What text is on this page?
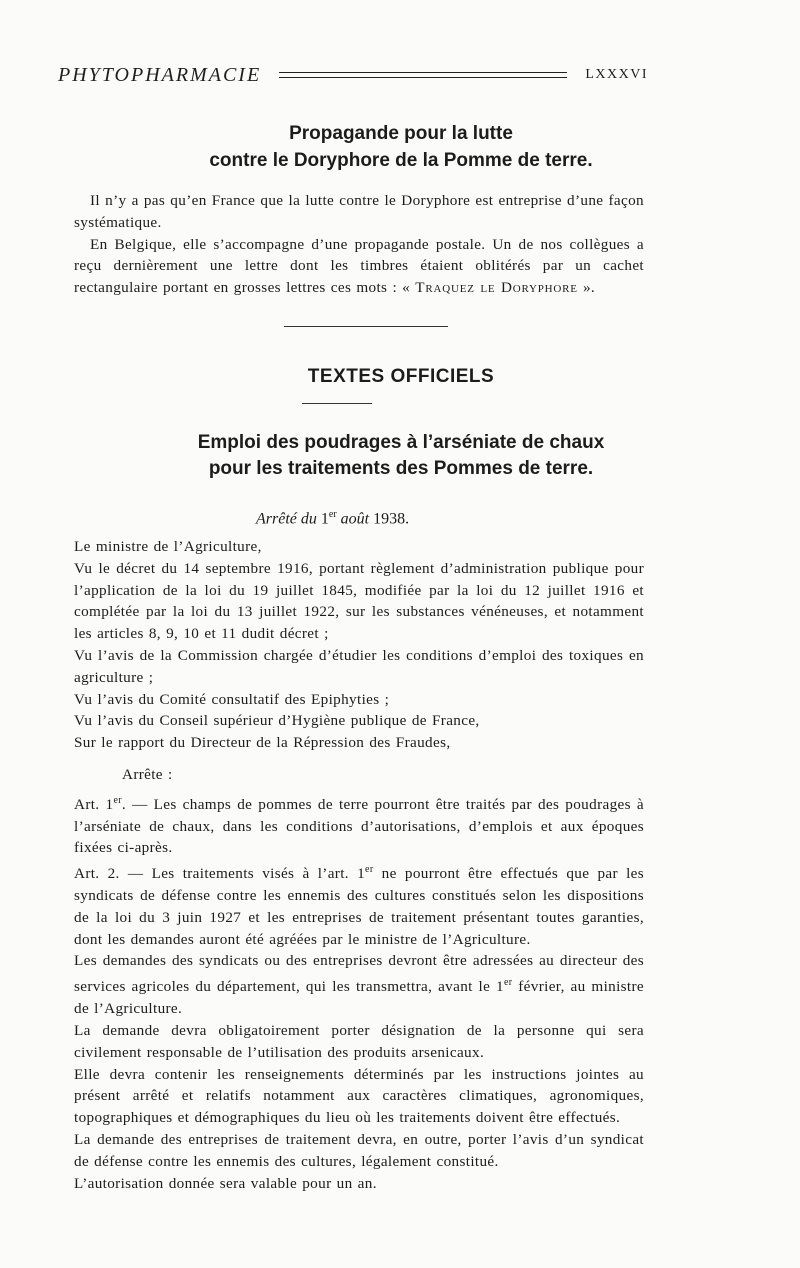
PHYTOPHARMACIE	LXXXVI
Propagande pour la lutte
contre le Doryphore de la Pomme de terre.

Il n’y a pas qu’en France que la lutte contre le Doryphore est entreprise d’une façon systématique.

En Belgique, elle s’accompagne d’une propagande postale. Un de nos collègues a reçu dernièrement une lettre dont les timbres étaient oblitérés par un cachet rectangulaire portant en grosses lettres ces mots : « Traquez le Doryphore ».

TEXTES OFFICIELS
Emploi des poudrages à l’arséniate de chaux
pour les traitements des Pommes de terre.
Arrêté du 1er août 1938.

Le ministre de l’Agriculture,

Vu le décret du 14 septembre 1916, portant règlement d’administration publique pour l’application de la loi du 19 juillet 1845, modifiée par la loi du 12 juillet 1916 et complétée par la loi du 13 juillet 1922, sur les substances vénéneuses, et notamment les articles 8, 9, 10 et 11 dudit décret ;

Vu l’avis de la Commission chargée d’étudier les conditions d’emploi des toxiques en agriculture ;

Vu l’avis du Comité consultatif des Epiphyties ;

Vu l’avis du Conseil supérieur d’Hygiène publique de France,

Sur le rapport du Directeur de la Répression des Fraudes,

Arrête :

Art. 1er. — Les champs de pommes de terre pourront être traités par des poudrages à l’arséniate de chaux, dans les conditions d’autorisations, d’emplois et aux époques fixées ci-après.

Art. 2. — Les traitements visés à l’art. 1er ne pourront être effectués que par les syndicats de défense contre les ennemis des cultures constitués selon les dispositions de la loi du 3 juin 1927 et les entreprises de traitement présentant toutes garanties, dont les demandes auront été agréées par le ministre de l’Agriculture.

Les demandes des syndicats ou des entreprises devront être adressées au directeur des services agricoles du département, qui les transmettra, avant le 1er février, au ministre de l’Agriculture.

La demande devra obligatoirement porter désignation de la personne qui sera civilement responsable de l’utilisation des produits arsenicaux.

Elle devra contenir les renseignements déterminés par les instructions jointes au présent arrêté et relatifs notamment aux caractères climatiques, agronomiques, topographiques et démographiques du lieu où les traitements doivent être effectués.

La demande des entreprises de traitement devra, en outre, porter l’avis d’un syndicat de défense contre les ennemis des cultures, légalement constitué.

L’autorisation donnée sera valable pour un an.
